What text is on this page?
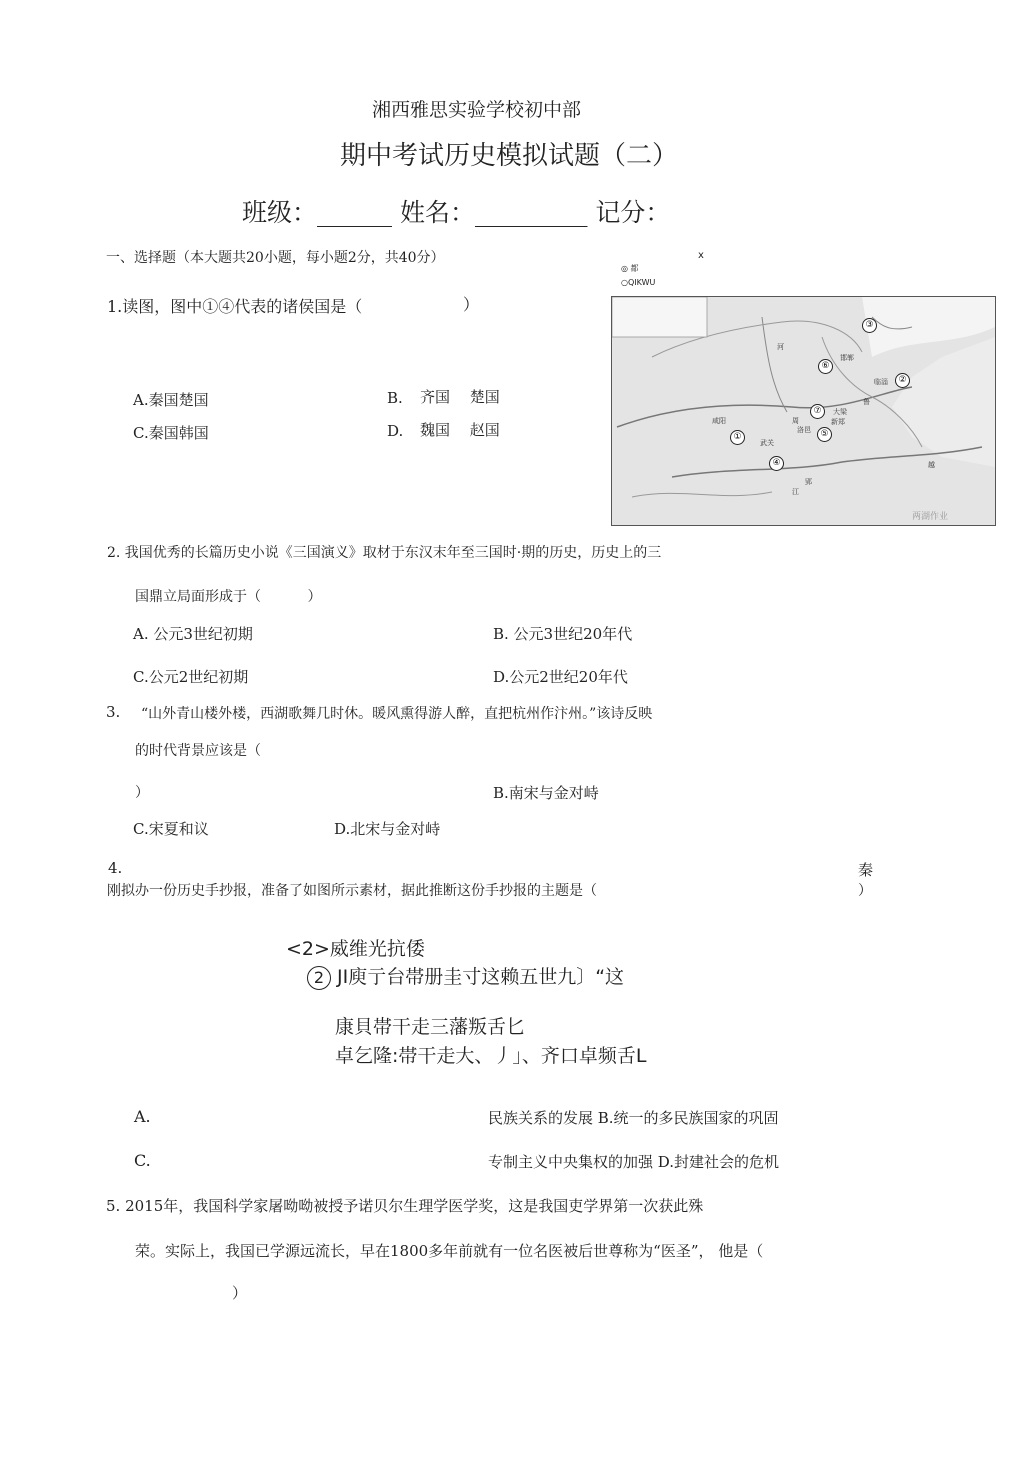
湘西雅思实验学校初中部
期中考试历史模拟试题（二）
班级：______ 姓名：_________ 记分：
一、选择题（本大题共20小题，每小题2分，共40分）	x
◎ 都
○QIKWU
①
②
③
④
⑤
⑥
⑦
咸阳	周
洛邑
武关
临淄
邯郸
大梁
郢
新郑
鲁
越
河
江
两湖作业
1.读图，图中①④代表的诸侯国是（	）
A.秦国楚国	B. 齐国 　楚国
C.秦国韩国	D. 魏国 　赵国
2. 我国优秀的长篇历史小说《三国演义》取材于东汉末年至三国时·期的历史，历史上的三
国鼎立局面形成于（ 　　　）
A. 公元3世纪初期	B. 公元3世纪20年代
C.公元2世纪初期	D.公元2世纪20年代
3. “山外青山楼外楼，西湖歌舞几时休。暖风熏得游人醉，直把杭州作汴州。”该诗反映
的时代背景应该是（
）	B.南宋与金对峙
C.宋夏和议	D.北宋与金对峙
4.	秦
刚拟办一份历史手抄报，准备了如图所示素材，据此推断这份手抄报的主题是（	）
<2>威维光抗倭
2 JI庾亍台帯册圭寸这赖五世九〕“这
康貝帯干走三藩叛舌匕
卓乞隆:帯干走大、丿」、齐口卓频舌L
A.	民族关系的发展 B.统一的多民族国家的巩固
C.	专制主义中央集权的加强 D.封建社会的危机
5. 2015年，我国科学家屠呦呦被授予诺贝尔生理学医学奖，这是我国吏学界第一次获此殊
荣。实际上，我国已学源远流长，早在1800多年前就有一位名医被后世尊称为“医圣”， 他是（
）
